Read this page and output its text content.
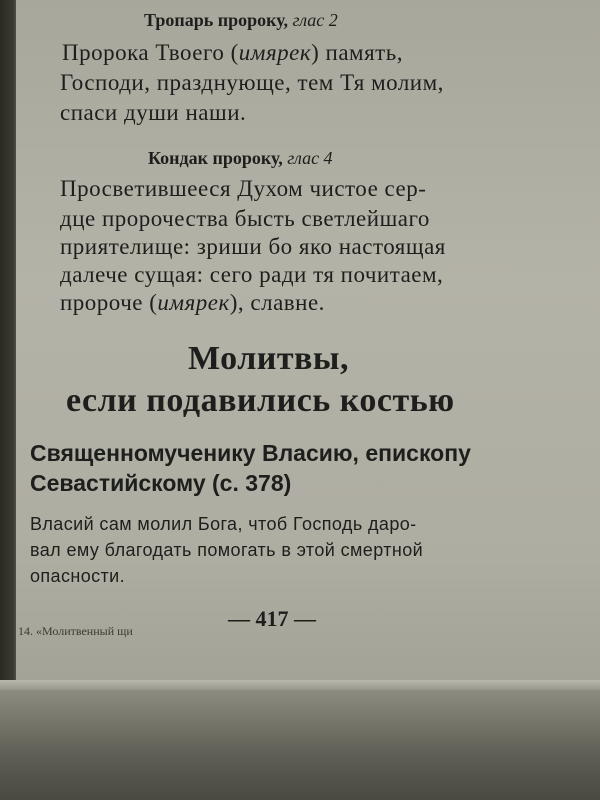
Тропарь пророку, глас 2
Пророка Твоего (имярек) память,
Господи, празднующе, тем Тя молим,
спаси души наши.
Кондак пророку, глас 4
Просветившееся Духом чистое сер-
дце пророчества бысть светлейшаго
приятелище: зриши бо яко настоящая
далече сущая: сего ради тя почитаем,
пророче (имярек), славне.
Молитвы,
если подавились костью
Священномученику Власию, епископу
Севастийскому (с. 378)
Власий сам молил Бога, чтоб Господь даро-
вал ему благодать помогать в этой смертной
опасности.
14. «Молитвенный щи	— 417 —
